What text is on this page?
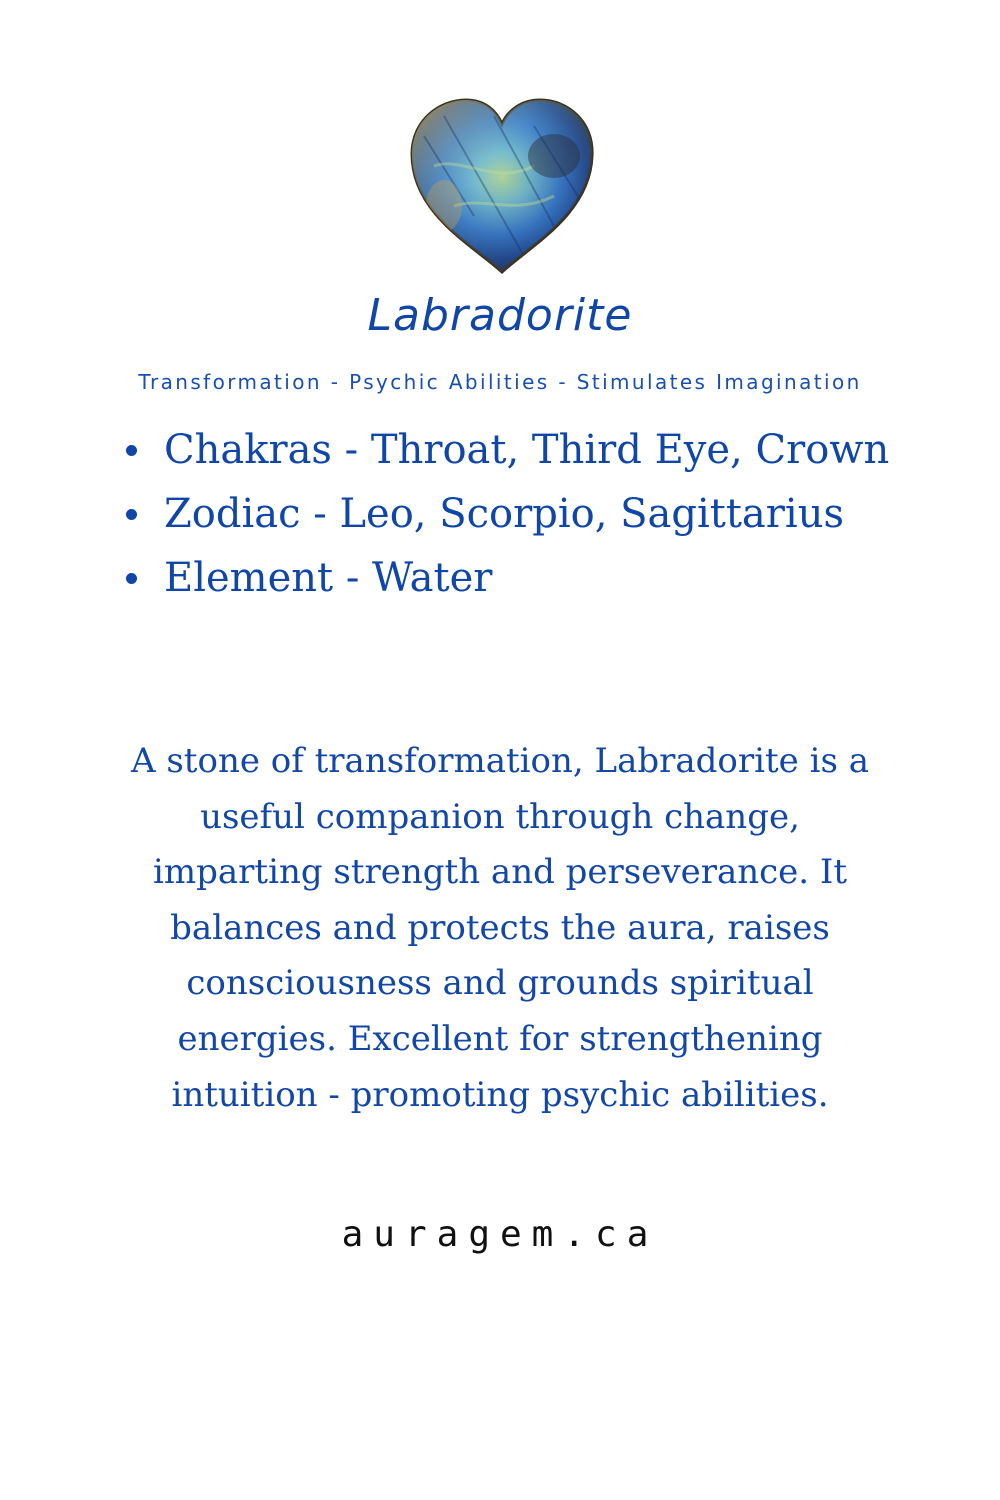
Labradorite
Transformation - Psychic Abilities - Stimulates Imagination
Chakras - Throat, Third Eye, Crown
Zodiac - Leo, Scorpio, Sagittarius
Element - Water

A stone of transformation, Labradorite is a useful companion through change, imparting strength and perseverance. It balances and protects the aura, raises consciousness and grounds spiritual energies. Excellent for strengthening intuition - promoting psychic abilities.

auragem.ca
